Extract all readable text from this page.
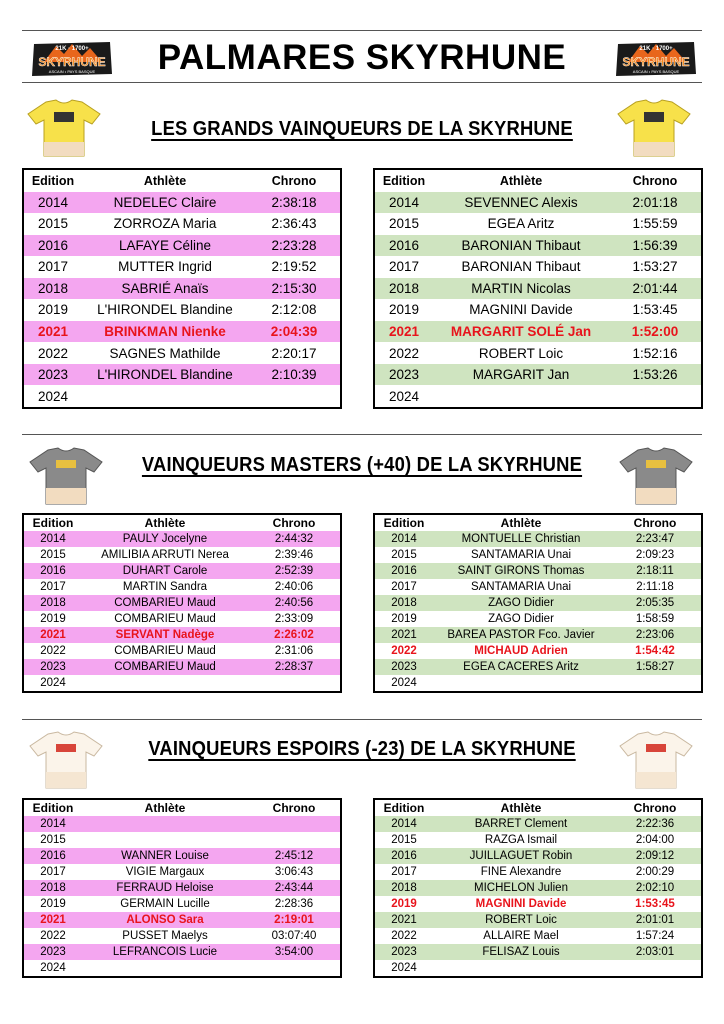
21K · 1700+
SKYRHUNE
ASCAIN • PAYS BASQUE	PALMARES SKYRHUNE	21K · 1700+
SKYRHUNE
ASCAIN • PAYS BASQUE
LES GRANDS VAINQUEURS DE LA SKYRHUNE
VAINQUEURS MASTERS (+40) DE LA SKYRHUNE
VAINQUEURS ESPOIRS (-23) DE LA SKYRHUNE
Edition	Athlète	Chrono
2014	NEDELEC Claire	2:38:18
2015	ZORROZA Maria	2:36:43
2016	LAFAYE Céline	2:23:28
2017	MUTTER Ingrid	2:19:52
2018	SABRIÉ Anaïs	2:15:30
2019	L'HIRONDEL Blandine	2:12:08
2021	BRINKMAN Nienke	2:04:39
2022	SAGNES Mathilde	2:20:17
2023	L'HIRONDEL Blandine	2:10:39
2024
Edition	Athlète	Chrono
2014	SEVENNEC Alexis	2:01:18
2015	EGEA Aritz	1:55:59
2016	BARONIAN Thibaut	1:56:39
2017	BARONIAN Thibaut	1:53:27
2018	MARTIN Nicolas	2:01:44
2019	MAGNINI Davide	1:53:45
2021	MARGARIT SOLÉ Jan	1:52:00
2022	ROBERT Loic	1:52:16
2023	MARGARIT Jan	1:53:26
2024
Edition	Athlète	Chrono
2014	PAULY Jocelyne	2:44:32
2015	AMILIBIA ARRUTI Nerea	2:39:46
2016	DUHART Carole	2:52:39
2017	MARTIN Sandra	2:40:06
2018	COMBARIEU Maud	2:40:56
2019	COMBARIEU Maud	2:33:09
2021	SERVANT Nadège	2:26:02
2022	COMBARIEU Maud	2:31:06
2023	COMBARIEU Maud	2:28:37
2024
Edition	Athlète	Chrono
2014	MONTUELLE Christian	2:23:47
2015	SANTAMARIA Unai	2:09:23
2016	SAINT GIRONS Thomas	2:18:11
2017	SANTAMARIA Unai	2:11:18
2018	ZAGO Didier	2:05:35
2019	ZAGO Didier	1:58:59
2021	BAREA PASTOR Fco. Javier	2:23:06
2022	MICHAUD Adrien	1:54:42
2023	EGEA CACERES Aritz	1:58:27
2024
Edition	Athlète	Chrono
2014
2015
2016	WANNER Louise	2:45:12
2017	VIGIE Margaux	3:06:43
2018	FERRAUD Heloise	2:43:44
2019	GERMAIN Lucille	2:28:36
2021	ALONSO Sara	2:19:01
2022	PUSSET Maelys	03:07:40
2023	LEFRANCOIS Lucie	3:54:00
2024
Edition	Athlète	Chrono
2014	BARRET Clement	2:22:36
2015	RAZGA Ismail	2:04:00
2016	JUILLAGUET Robin	2:09:12
2017	FINE Alexandre	2:00:29
2018	MICHELON Julien	2:02:10
2019	MAGNINI Davide	1:53:45
2021	ROBERT Loic	2:01:01
2022	ALLAIRE Mael	1:57:24
2023	FELISAZ Louis	2:03:01
2024
